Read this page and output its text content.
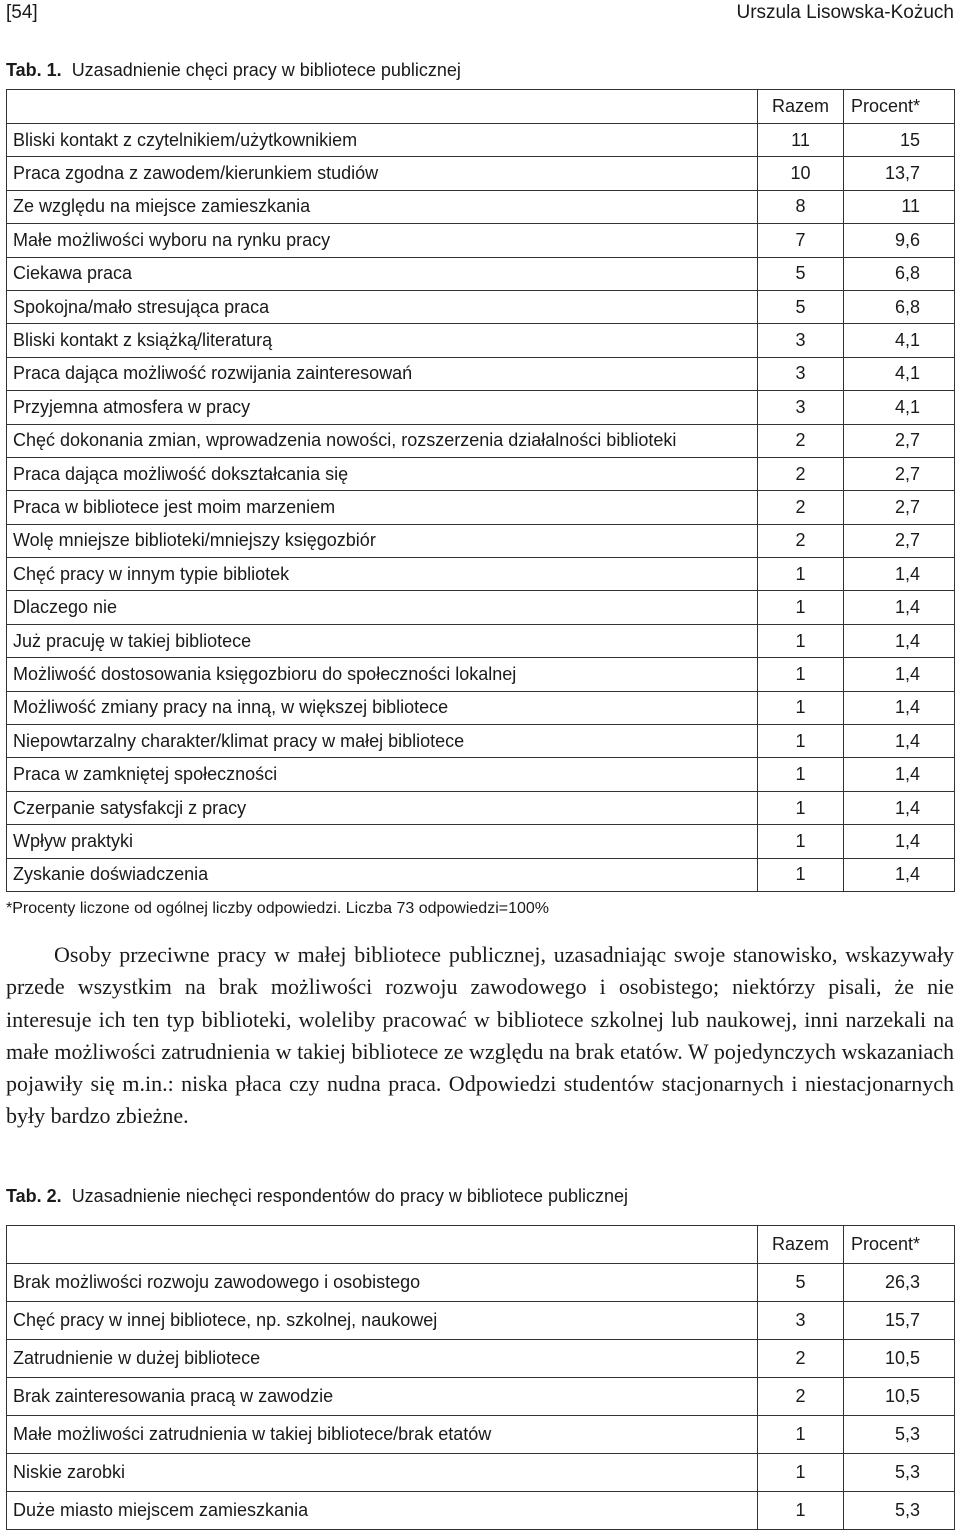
[54]	Urszula Lisowska-Kożuch
Tab. 1. Uzasadnienie chęci pracy w bibliotece publicznej
	Razem	Procent*
Bliski kontakt z czytelnikiem/użytkownikiem	11	15
Praca zgodna z zawodem/kierunkiem studiów	10	13,7
Ze względu na miejsce zamieszkania	8	11
Małe możliwości wyboru na rynku pracy	7	9,6
Ciekawa praca	5	6,8
Spokojna/mało stresująca praca	5	6,8
Bliski kontakt z książką/literaturą	3	4,1
Praca dająca możliwość rozwijania zainteresowań	3	4,1
Przyjemna atmosfera w pracy	3	4,1
Chęć dokonania zmian, wprowadzenia nowości, rozszerzenia działalności biblioteki	2	2,7
Praca dająca możliwość dokształcania się	2	2,7
Praca w bibliotece jest moim marzeniem	2	2,7
Wolę mniejsze biblioteki/mniejszy księgozbiór	2	2,7
Chęć pracy w innym typie bibliotek	1	1,4
Dlaczego nie	1	1,4
Już pracuję w takiej bibliotece	1	1,4
Możliwość dostosowania księgozbioru do społeczności lokalnej	1	1,4
Możliwość zmiany pracy na inną, w większej bibliotece	1	1,4
Niepowtarzalny charakter/klimat pracy w małej bibliotece	1	1,4
Praca w zamkniętej społeczności	1	1,4
Czerpanie satysfakcji z pracy	1	1,4
Wpływ praktyki	1	1,4
Zyskanie doświadczenia	1	1,4
*Procenty liczone od ogólnej liczby odpowiedzi. Liczba 73 odpowiedzi=100%
Osoby przeciwne pracy w małej bibliotece publicznej, uzasadniając swoje stanowisko, wskazywały przede wszystkim na brak możliwości rozwoju zawodowego i osobistego; niektórzy pisali, że nie interesuje ich ten typ biblioteki, woleliby pracować w bibliotece szkolnej lub naukowej, inni narzekali na małe możliwości zatrudnienia w takiej bibliotece ze względu na brak etatów. W pojedynczych wskazaniach pojawiły się m.in.: niska płaca czy nudna praca. Odpowiedzi studentów stacjonarnych i niestacjonarnych były bardzo zbieżne.
Tab. 2. Uzasadnienie niechęci respondentów do pracy w bibliotece publicznej
	Razem	Procent*
Brak możliwości rozwoju zawodowego i osobistego	5	26,3
Chęć pracy w innej bibliotece, np. szkolnej, naukowej	3	15,7
Zatrudnienie w dużej bibliotece	2	10,5
Brak zainteresowania pracą w zawodzie	2	10,5
Małe możliwości zatrudnienia w takiej bibliotece/brak etatów	1	5,3
Niskie zarobki	1	5,3
Duże miasto miejscem zamieszkania	1	5,3
